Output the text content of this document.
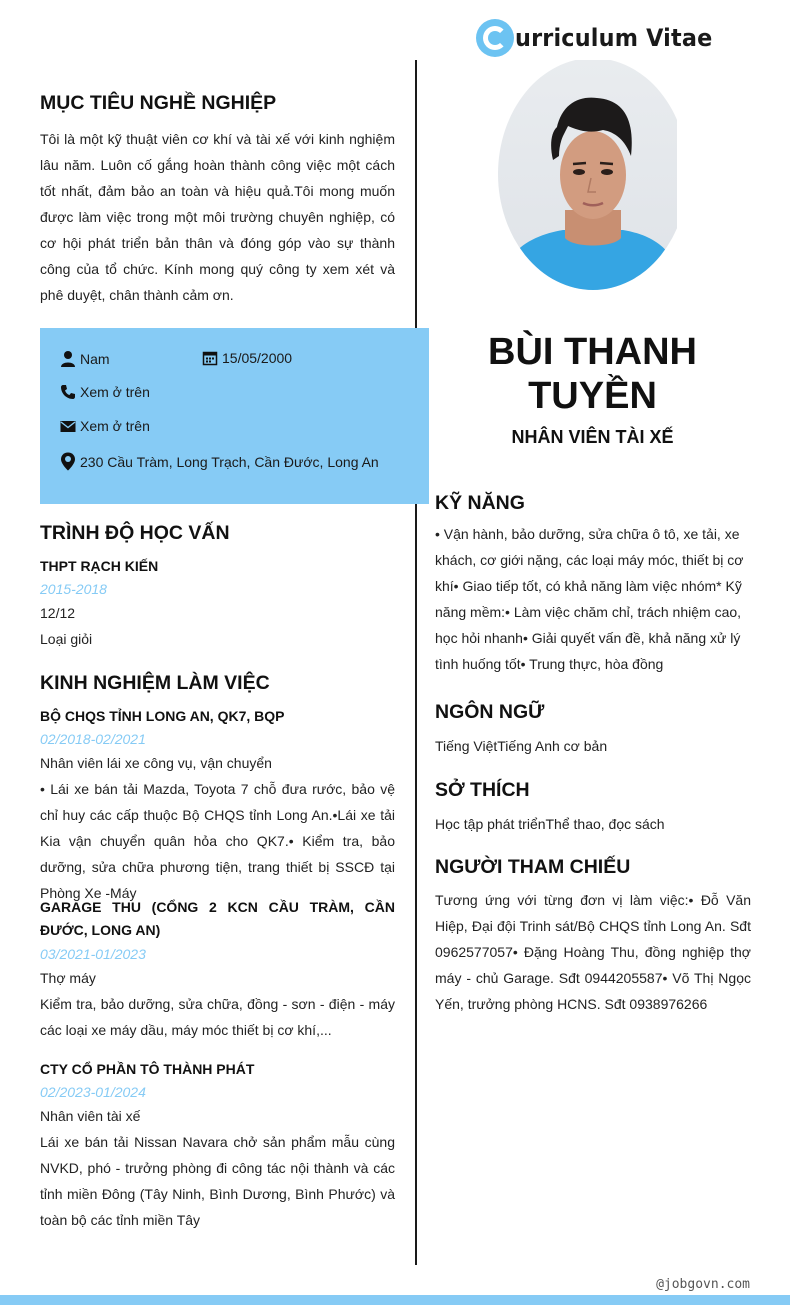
urriculum Vitae
MỤC TIÊU NGHỀ NGHIỆP

Tôi là một kỹ thuật viên cơ khí và tài xế với kinh nghiệm lâu năm. Luôn cố gắng hoàn thành công việc một cách tốt nhất, đảm bảo an toàn và hiệu quả.Tôi mong muốn được làm việc trong một môi trường chuyên nghiệp, có cơ hội phát triển bản thân và đóng góp vào sự thành công của tổ chức. Kính mong quý công ty xem xét và phê duyệt, chân thành cảm ơn.

Nam	15/05/2000
Xem ở trên
Xem ở trên
230 Cầu Tràm, Long Trạch, Cần Đước, Long An
TRÌNH ĐỘ HỌC VẤN
THPT RẠCH KIẾN
2015-2018
12/12
Loại giỏi
KINH NGHIỆM LÀM VIỆC
BỘ CHQS TỈNH LONG AN, QK7, BQP
02/2018-02/2021
Nhân viên lái xe công vụ, vận chuyển
• Lái xe bán tải Mazda, Toyota 7 chỗ đưa rước, bảo vệ chỉ huy các cấp thuộc Bộ CHQS tỉnh Long An.•Lái xe tải Kia vận chuyển quân hỏa cho QK7.• Kiểm tra, bảo dưỡng, sửa chữa phương tiện, trang thiết bị SSCĐ tại Phòng Xe -Máy
GARAGE THU (CỔNG 2 KCN CẦU TRÀM, CẦN ĐƯỚC, LONG AN)
03/2021-01/2023
Thợ máy
Kiểm tra, bảo dưỡng, sửa chữa, đồng - sơn - điện - máy các loại xe máy dầu, máy móc thiết bị cơ khí,...
CTY CỔ PHẦN TÔ THÀNH PHÁT
02/2023-01/2024
Nhân viên tài xế
Lái xe bán tải Nissan Navara chở sản phẩm mẫu cùng NVKD, phó - trưởng phòng đi công tác nội thành và các tỉnh miền Đông (Tây Ninh, Bình Dương, Bình Phước) và toàn bộ các tỉnh miền Tây
BÙI THANH
TUYỀN
NHÂN VIÊN TÀI XẾ
KỸ NĂNG

• Vận hành, bảo dưỡng, sửa chữa ô tô, xe tải, xe khách, cơ giới nặng, các loại máy móc, thiết bị cơ khí• Giao tiếp tốt, có khả năng làm việc nhóm* Kỹ năng mềm:• Làm việc chăm chỉ, trách nhiệm cao, học hỏi nhanh• Giải quyết vấn đề, khả năng xử lý tình huống tốt• Trung thực, hòa đồng

NGÔN NGỮ

Tiếng ViệtTiếng Anh cơ bản

SỞ THÍCH

Học tập phát triểnThể thao, đọc sách

NGƯỜI THAM CHIẾU

Tương ứng với từng đơn vị làm việc:• Đỗ Văn Hiệp, Đại đội Trinh sát/Bộ CHQS tỉnh Long An. Sđt 0962577057• Đặng Hoàng Thu, đồng nghiệp thợ máy - chủ Garage. Sđt 0944205587• Võ Thị Ngọc Yến, trưởng phòng HCNS. Sđt 0938976266

@jobgovn.com
